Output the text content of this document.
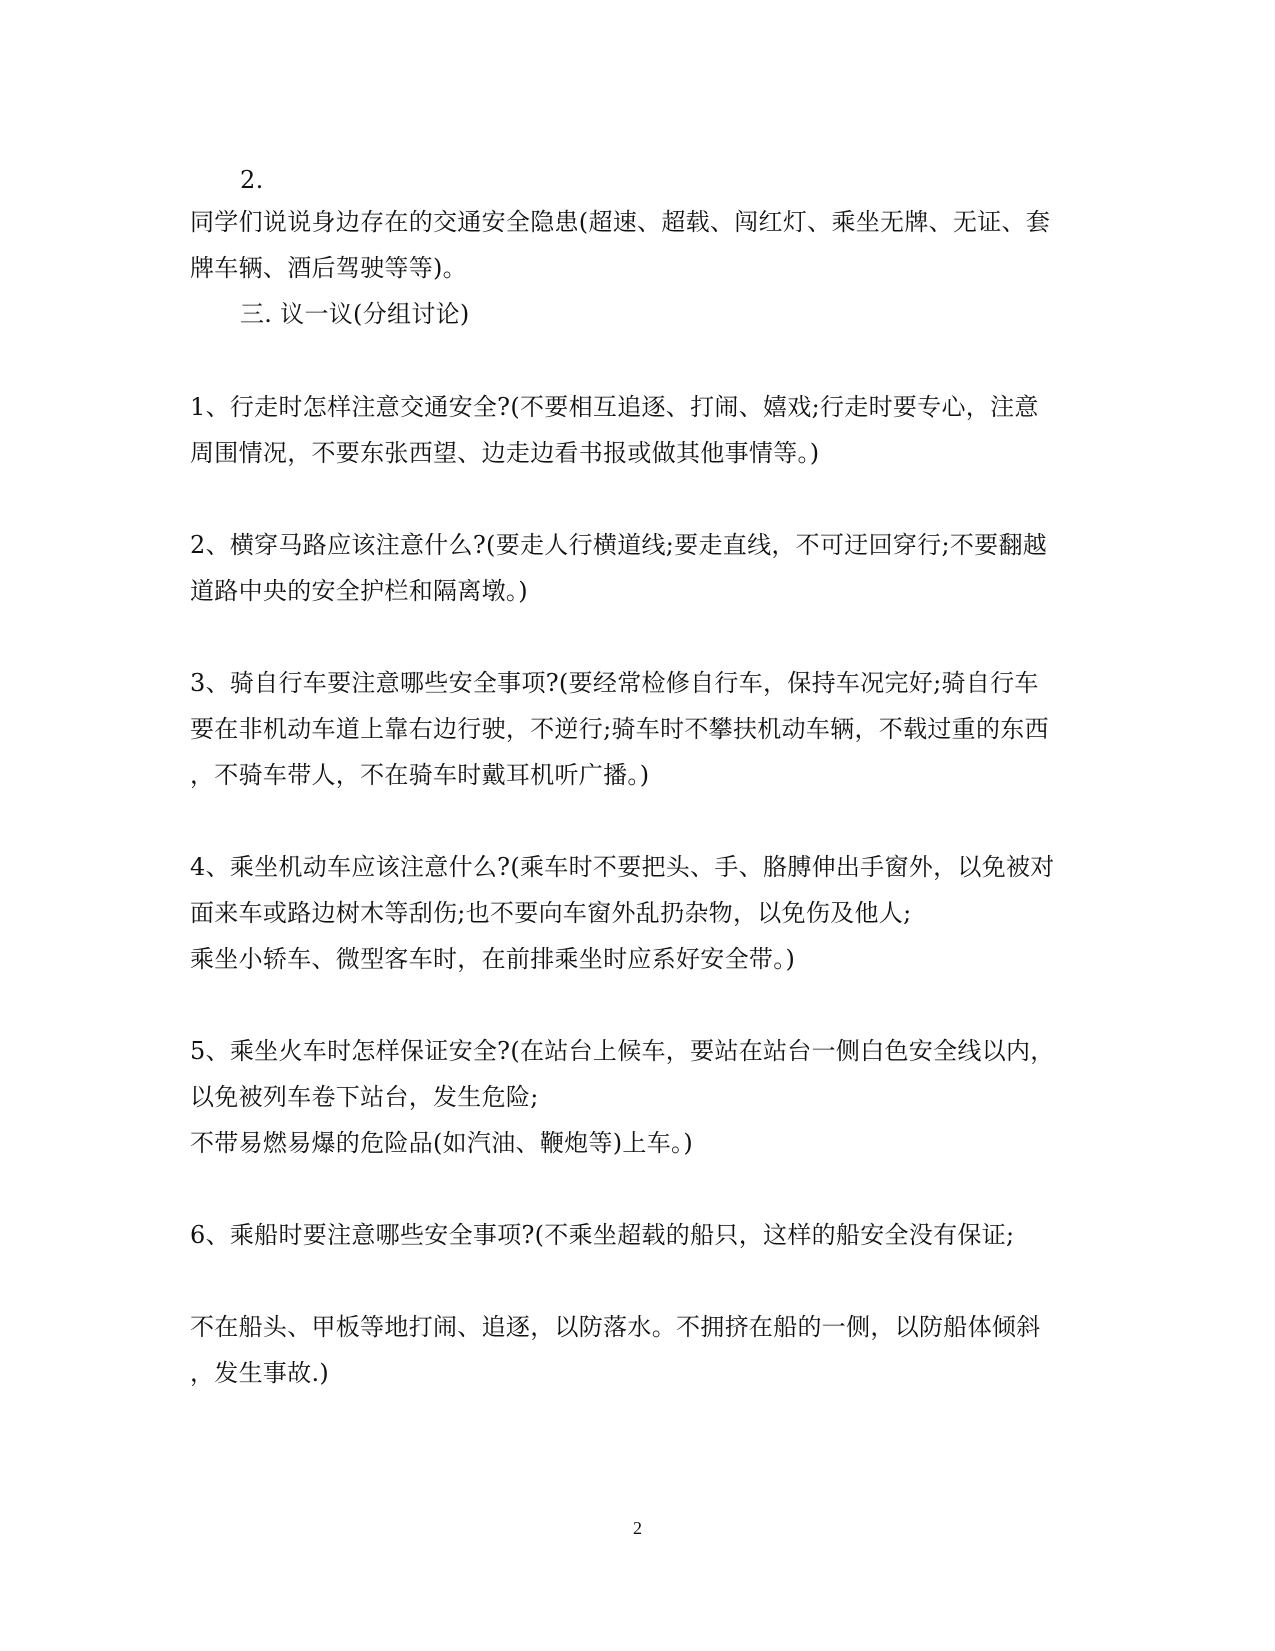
2.
同学们说说身边存在的交通安全隐患(超速、超载、闯红灯、乘坐无牌、无证、套
牌车辆、酒后驾驶等等)。
三. 议一议(分组讨论)
1、行走时怎样注意交通安全?(不要相互追逐、打闹、嬉戏;行走时要专心，注意
周围情况，不要东张西望、边走边看书报或做其他事情等。)
2、横穿马路应该注意什么?(要走人行横道线;要走直线，不可迂回穿行;不要翻越
道路中央的安全护栏和隔离墩。)
3、骑自行车要注意哪些安全事项?(要经常检修自行车，保持车况完好;骑自行车
要在非机动车道上靠右边行驶，不逆行;骑车时不攀扶机动车辆，不载过重的东西
，不骑车带人，不在骑车时戴耳机听广播。)
4、乘坐机动车应该注意什么?(乘车时不要把头、手、胳膊伸出手窗外，以免被对
面来车或路边树木等刮伤;也不要向车窗外乱扔杂物，以免伤及他人;
乘坐小轿车、微型客车时，在前排乘坐时应系好安全带。)
5、乘坐火车时怎样保证安全?(在站台上候车，要站在站台一侧白色安全线以内，
以免被列车卷下站台，发生危险;
不带易燃易爆的危险品(如汽油、鞭炮等)上车。)
6、乘船时要注意哪些安全事项?(不乘坐超载的船只，这样的船安全没有保证;
不在船头、甲板等地打闹、追逐，以防落水。不拥挤在船的一侧，以防船体倾斜
，发生事故.)
2
